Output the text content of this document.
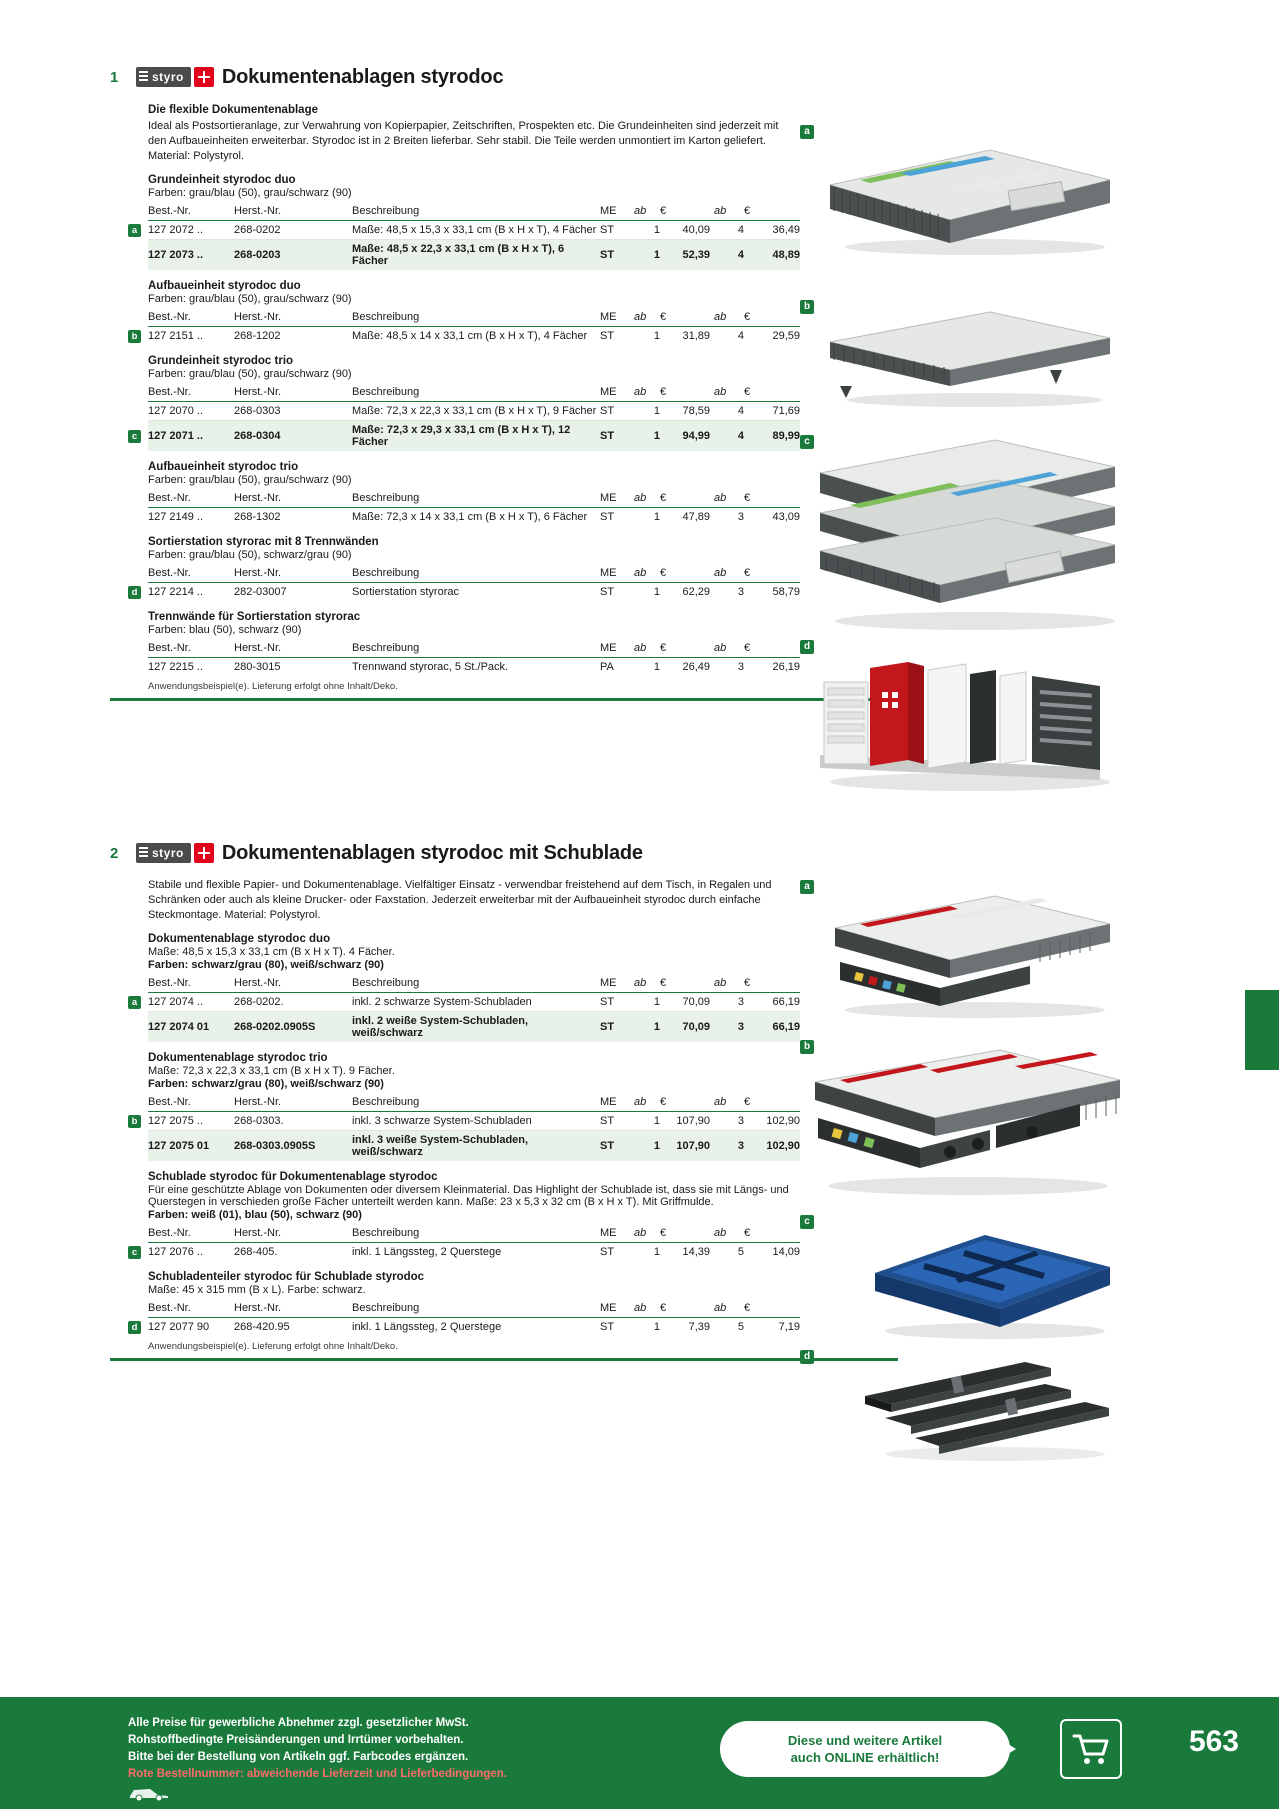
1	styro	Dokumentenablagen styrodoc
Die flexible Dokumentenablage
Ideal als Postsortieranlage, zur Verwahrung von Kopierpapier, Zeitschriften, Prospekten etc. Die Grundeinheiten sind jederzeit mit den Aufbaueinheiten erweiterbar. Styrodoc ist in 2 Breiten lieferbar. Sehr stabil. Die Teile werden unmontiert im Karton geliefert. Material: Polystyrol.
Grundeinheit styrodoc duo
Farben: grau/blau (50), grau/schwarz (90)
Best.-Nr.	Herst.-Nr.	Beschreibung	ME	ab	€	ab	€

a 127 2072 ..	268-0202	Maße: 48,5 x 15,3 x 33,1 cm (B x H x T), 4 Fächer	ST	1	40,09	4	36,49
127 2073 ..	268-0203	Maße: 48,5 x 22,3 x 33,1 cm (B x H x T), 6 Fächer	ST	1	52,39	4	48,89
Aufbaueinheit styrodoc duo
Farben: grau/blau (50), grau/schwarz (90)
Best.-Nr.	Herst.-Nr.	Beschreibung	ME	ab	€	ab	€

b 127 2151 ..	268-1202	Maße: 48,5 x 14 x 33,1 cm (B x H x T), 4 Fächer	ST	1	31,89	4	29,59
Grundeinheit styrodoc trio
Farben: grau/blau (50), grau/schwarz (90)
Best.-Nr.	Herst.-Nr.	Beschreibung	ME	ab	€	ab	€
127 2070 ..	268-0303	Maße: 72,3 x 22,3 x 33,1 cm (B x H x T), 9 Fächer	ST	1	78,59	4	71,69

c 127 2071 ..	268-0304	Maße: 72,3 x 29,3 x 33,1 cm (B x H x T), 12 Fächer	ST	1	94,99	4	89,99
Aufbaueinheit styrodoc trio
Farben: grau/blau (50), grau/schwarz (90)
Best.-Nr.	Herst.-Nr.	Beschreibung	ME	ab	€	ab	€
127 2149 ..	268-1302	Maße: 72,3 x 14 x 33,1 cm (B x H x T), 6 Fächer	ST	1	47,89	3	43,09
Sortierstation styrorac mit 8 Trennwänden
Farben: grau/blau (50), schwarz/grau (90)
Best.-Nr.	Herst.-Nr.	Beschreibung	ME	ab	€	ab	€

d 127 2214 ..	282-03007	Sortierstation styrorac	ST	1	62,29	3	58,79
Trennwände für Sortierstation styrorac
Farben: blau (50), schwarz (90)
Best.-Nr.	Herst.-Nr.	Beschreibung	ME	ab	€	ab	€
127 2215 ..	280-3015	Trennwand styrorac, 5 St./Pack.	PA	1	26,49	3	26,19
Anwendungsbeispiel(e). Lieferung erfolgt ohne Inhalt/Deko.
2	styro	Dokumentenablagen styrodoc mit Schublade
Stabile und flexible Papier- und Dokumentenablage. Vielfältiger Einsatz - verwendbar freistehend auf dem Tisch, in Regalen und Schränken oder auch als kleine Drucker- oder Faxstation. Jederzeit erweiterbar mit der Aufbaueinheit styrodoc durch einfache Steckmontage. Material: Polystyrol.
Dokumentenablage styrodoc duo
Maße: 48,5 x 15,3 x 33,1 cm (B x H x T). 4 Fächer.
Farben: schwarz/grau (80), weiß/schwarz (90)
Best.-Nr.	Herst.-Nr.	Beschreibung	ME	ab	€	ab	€

a 127 2074 ..	268-0202.	inkl. 2 schwarze System-Schubladen	ST	1	70,09	3	66,19
127 2074 01	268-0202.0905S	inkl. 2 weiße System-Schubladen, weiß/schwarz	ST	1	70,09	3	66,19
Dokumentenablage styrodoc trio
Maße: 72,3 x 22,3 x 33,1 cm (B x H x T). 9 Fächer.
Farben: schwarz/grau (80), weiß/schwarz (90)
Best.-Nr.	Herst.-Nr.	Beschreibung	ME	ab	€	ab	€

b 127 2075 ..	268-0303.	inkl. 3 schwarze System-Schubladen	ST	1	107,90	3	102,90
127 2075 01	268-0303.0905S	inkl. 3 weiße System-Schubladen, weiß/schwarz	ST	1	107,90	3	102,90
Schublade styrodoc für Dokumentenablage styrodoc
Für eine geschützte Ablage von Dokumenten oder diversem Kleinmaterial. Das Highlight der Schublade ist, dass sie mit Längs- und Querstegen in verschieden große Fächer unterteilt werden kann. Maße: 23 x 5,3 x 32 cm (B x H x T). Mit Griffmulde.
Farben: weiß (01), blau (50), schwarz (90)
Best.-Nr.	Herst.-Nr.	Beschreibung	ME	ab	€	ab	€

c 127 2076 ..	268-405.	inkl. 1 Längssteg, 2 Querstege	ST	1	14,39	5	14,09
Schubladenteiler styrodoc für Schublade styrodoc
Maße: 45 x 315 mm (B x L). Farbe: schwarz.
Best.-Nr.	Herst.-Nr.	Beschreibung	ME	ab	€	ab	€

d 127 2077 90	268-420.95	inkl. 1 Längssteg, 2 Querstege	ST	1	7,39	5	7,19
Anwendungsbeispiel(e). Lieferung erfolgt ohne Inhalt/Deko.
a
b
c
d
a
b
c
d
Alle Preise für gewerbliche Abnehmer zzgl. gesetzlicher MwSt.
Rohstoffbedingte Preisänderungen und Irrtümer vorbehalten.
Bitte bei der Bestellung von Artikeln ggf. Farbcodes ergänzen.
Rote Bestellnummer: abweichende Lieferzeit und Lieferbedingungen.
Diese und weitere Artikel
auch ONLINE erhältlich!	563
